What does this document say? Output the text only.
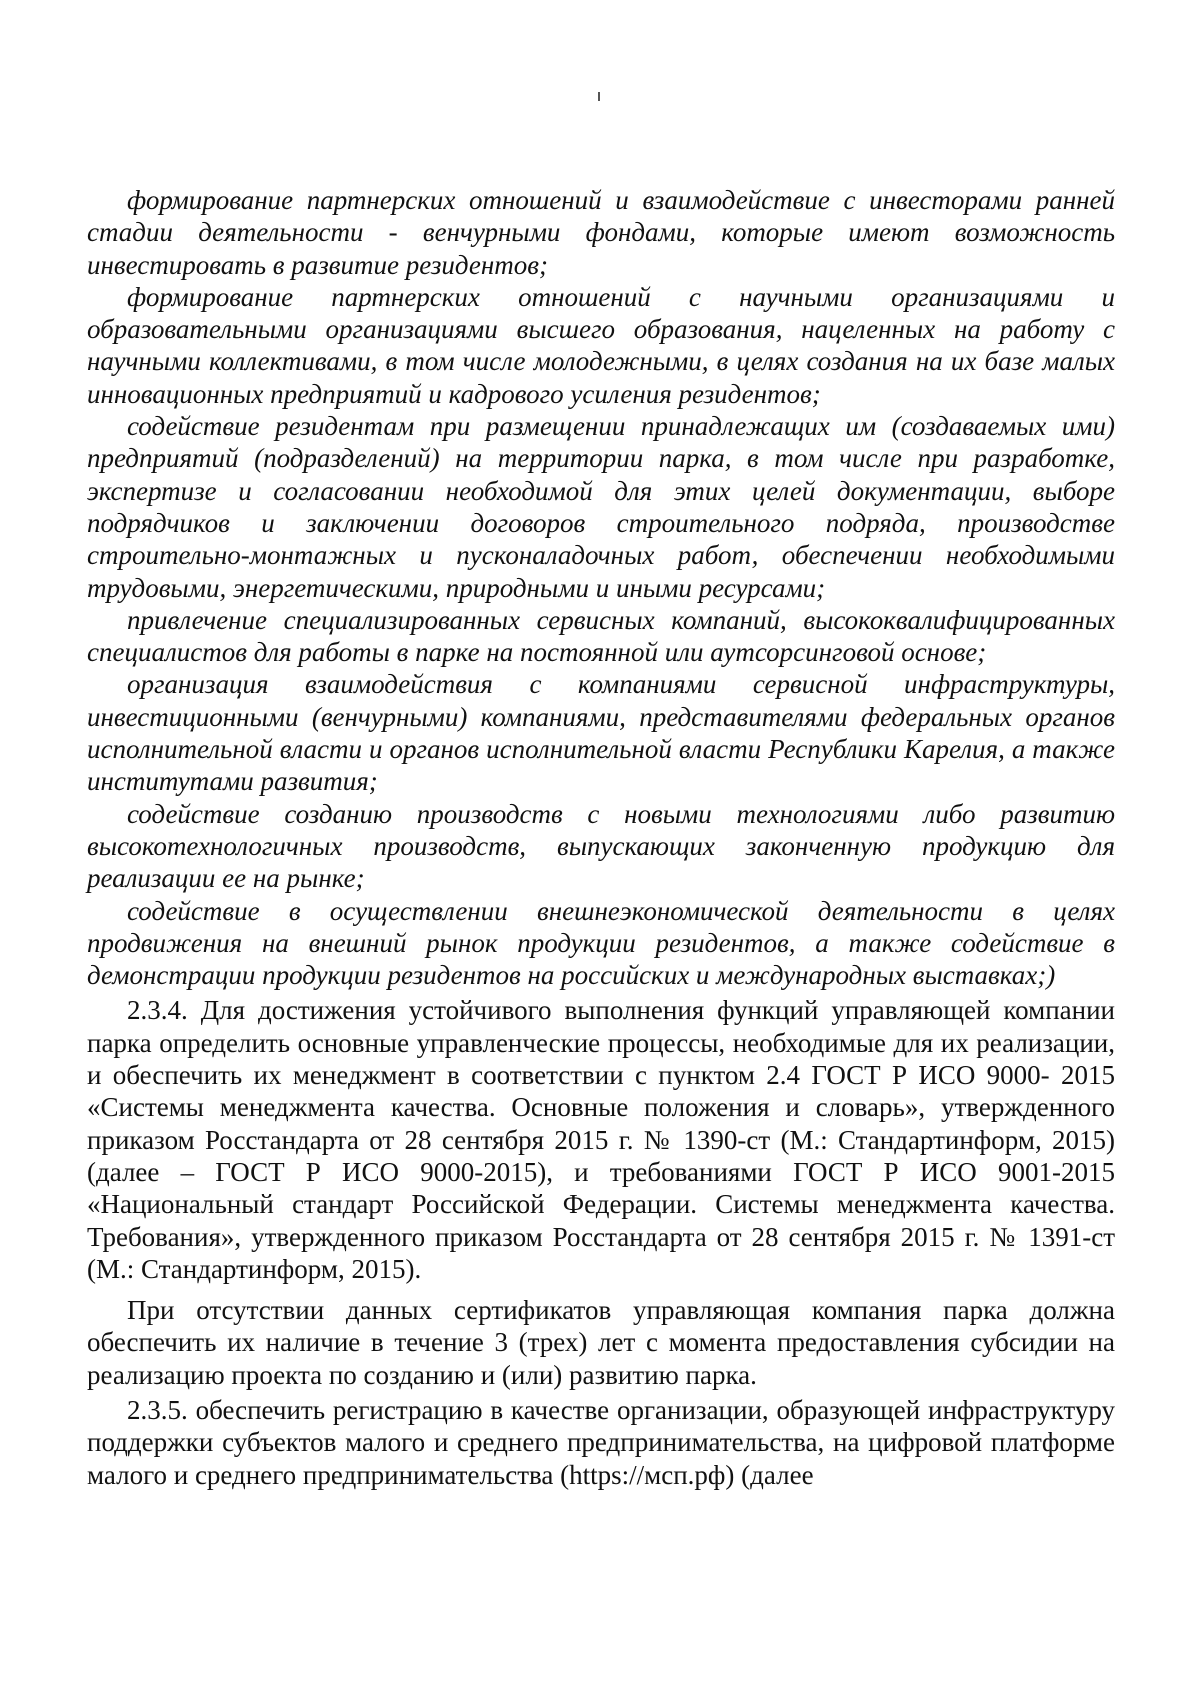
формирование партнерских отношений и взаимодействие с инвесторами ранней стадии деятельности - венчурными фондами, которые имеют возможность инвестировать в развитие резидентов;

формирование партнерских отношений с научными организациями и образовательными организациями высшего образования, нацеленных на работу с научными коллективами, в том числе молодежными, в целях создания на их базе малых инновационных предприятий и кадрового усиления резидентов;

содействие резидентам при размещении принадлежащих им (создаваемых ими) предприятий (подразделений) на территории парка, в том числе при разработке, экспертизе и согласовании необходимой для этих целей документации, выборе подрядчиков и заключении договоров строительного подряда, производстве строительно-монтажных и пусконаладочных работ, обеспечении необходимыми трудовыми, энергетическими, природными и иными ресурсами;

привлечение специализированных сервисных компаний, высококвалифицированных специалистов для работы в парке на постоянной или аутсорсинговой основе;

организация взаимодействия с компаниями сервисной инфраструктуры, инвестиционными (венчурными) компаниями, представителями федеральных органов исполнительной власти и органов исполнительной власти Республики Карелия, а также институтами развития;

содействие созданию производств с новыми технологиями либо развитию высокотехнологичных производств, выпускающих законченную продукцию для реализации ее на рынке;

содействие в осуществлении внешнеэкономической деятельности в целях продвижения на внешний рынок продукции резидентов, а также содействие в демонстрации продукции резидентов на российских и международных выставках;)

2.3.4. Для достижения устойчивого выполнения функций управляющей компании парка определить основные управленческие процессы, необходимые для их реализации, и обеспечить их менеджмент в соответствии с пунктом 2.4 ГОСТ Р ИСО 9000- 2015 «Системы менеджмента качества. Основные положения и словарь», утвержденного приказом Росстандарта от 28 сентября 2015 г. № 1390-ст (М.: Стандартинформ, 2015) (далее – ГОСТ Р ИСО 9000-2015), и требованиями ГОСТ Р ИСО 9001-2015 «Национальный стандарт Российской Федерации. Системы менеджмента качества. Требования», утвержденного приказом Росстандарта от 28 сентября 2015 г. № 1391-ст (М.: Стандартинформ, 2015).

При отсутствии данных сертификатов управляющая компания парка должна обеспечить их наличие в течение 3 (трех) лет с момента предоставления субсидии на реализацию проекта по созданию и (или) развитию парка.

2.3.5. обеспечить регистрацию в качестве организации, образующей инфраструктуру поддержки субъектов малого и среднего предпринимательства, на цифровой платформе малого и среднего предпринимательства (https://мсп.рф) (далее
